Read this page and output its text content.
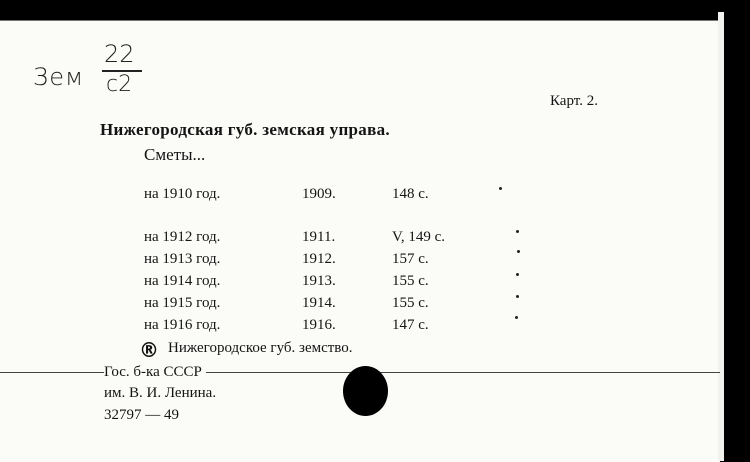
Зем
22
с2
Карт. 2.
Нижегородская губ. земская управа.
Сметы...
на 1910 год.	1909.	148 с.
на 1912 год.	1911.	V, 149 с.
на 1913 год.	1912.	157 с.
на 1914 год.	1913.	155 с.
на 1915 год.	1914.	155 с.
на 1916 год.	1916.	147 с.
® Нижегородское губ. земство.
Гос. б-ка СССР
им. В. И. Ленина.
32797 — 49
